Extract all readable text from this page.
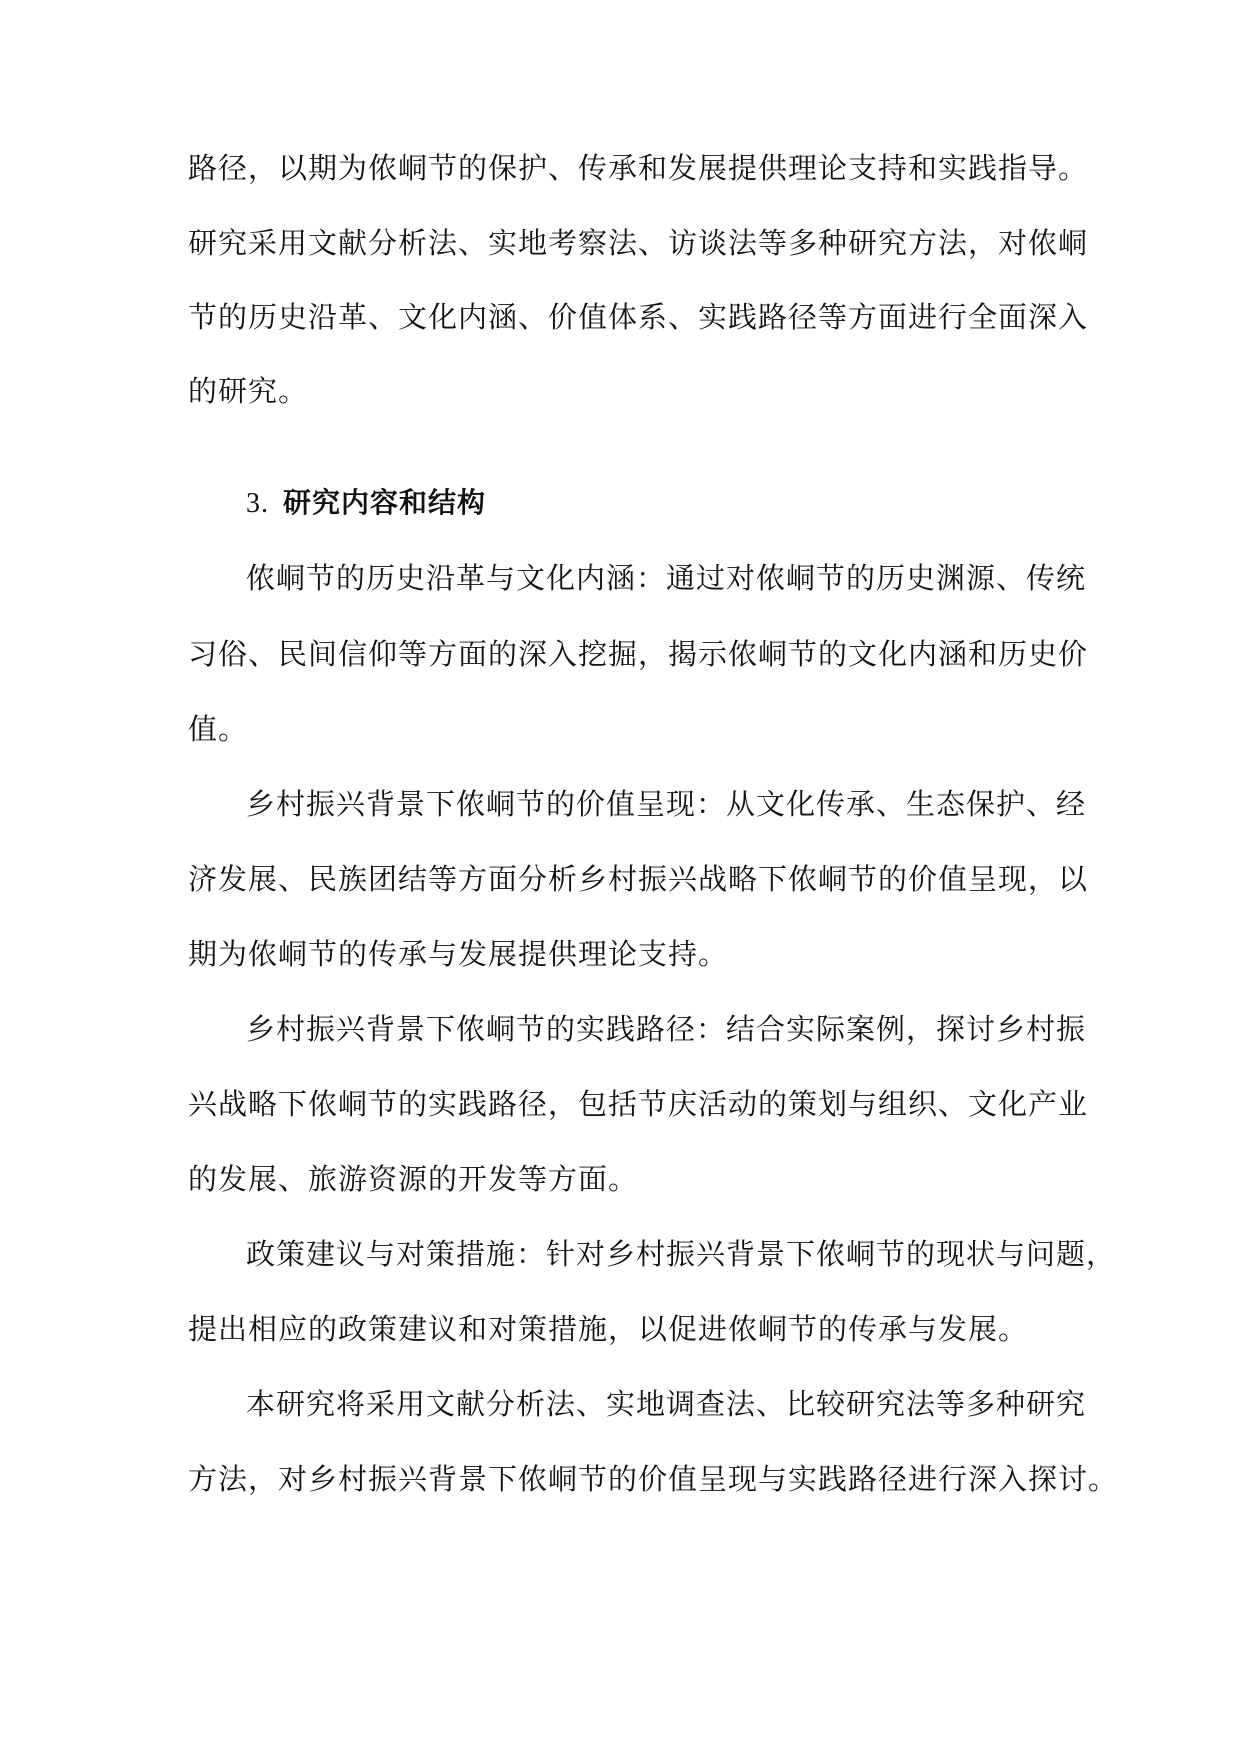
路径，以期为侬峒节的保护、传承和发展提供理论支持和实践指导。
研究采用文献分析法、实地考察法、访谈法等多种研究方法，对侬峒
节的历史沿革、文化内涵、价值体系、实践路径等方面进行全面深入
的研究。
3. 研究内容和结构
侬峒节的历史沿革与文化内涵：通过对侬峒节的历史渊源、传统
习俗、民间信仰等方面的深入挖掘，揭示侬峒节的文化内涵和历史价
值。
乡村振兴背景下侬峒节的价值呈现：从文化传承、生态保护、经
济发展、民族团结等方面分析乡村振兴战略下侬峒节的价值呈现，以
期为侬峒节的传承与发展提供理论支持。
乡村振兴背景下侬峒节的实践路径：结合实际案例，探讨乡村振
兴战略下侬峒节的实践路径，包括节庆活动的策划与组织、文化产业
的发展、旅游资源的开发等方面。
政策建议与对策措施：针对乡村振兴背景下侬峒节的现状与问题，
提出相应的政策建议和对策措施，以促进侬峒节的传承与发展。
本研究将采用文献分析法、实地调查法、比较研究法等多种研究
方法，对乡村振兴背景下侬峒节的价值呈现与实践路径进行深入探讨。
